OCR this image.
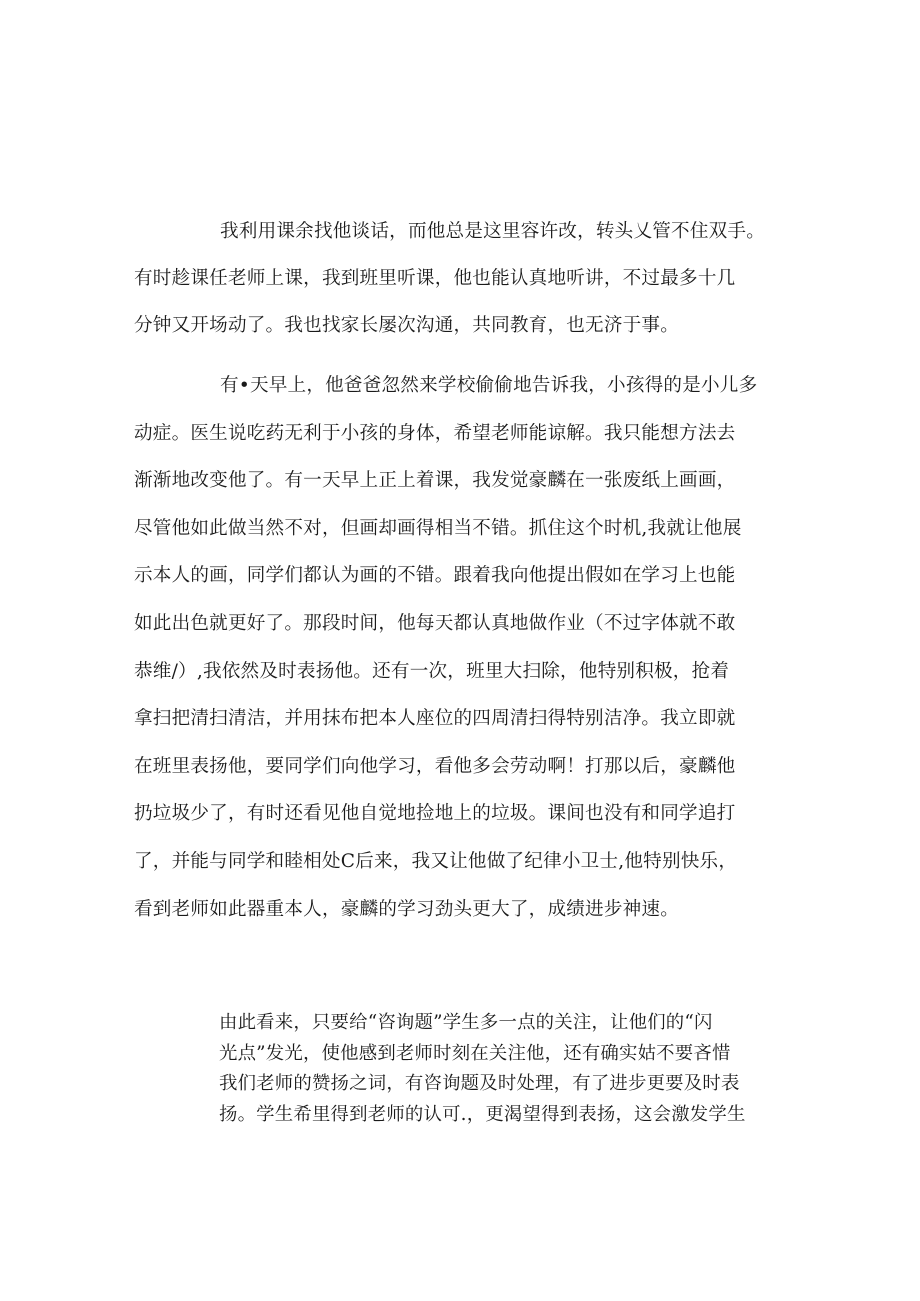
我利用课余找他谈话，而他总是这里容许改，转头乂管不住双手。
有时趁课任老师上课，我到班里听课，他也能认真地听讲，不过最多十几
分钟又开场动了。我也找家长屡次沟通，共同教育，也无济于事。
有•天早上，他爸爸忽然来学校偷偷地告诉我，小孩得的是小儿多
动症。医生说吃药无利于小孩的身体，希望老师能谅解。我只能想方法去
渐渐地改变他了。有一天早上正上着课，我发觉豪麟在一张废纸上画画，
尽管他如此做当然不对，但画却画得相当不错。抓住这个时机,我就让他展
示本人的画，同学们都认为画的不错。跟着我向他提出假如在学习上也能
如此出色就更好了。那段时间，他每天都认真地做作业（不过字体就不敢
恭维/）,我依然及时表扬他。还有一次，班里大扫除，他特别积极，抢着
拿扫把清扫清洁，并用抹布把本人座位的四周清扫得特别洁净。我立即就
在班里表扬他，要同学们向他学习，看他多会劳动啊！打那以后，豪麟他
扔垃圾少了，有时还看见他自觉地捡地上的垃圾。课间也没有和同学追打
了，并能与同学和睦相处C后来，我又让他做了纪律小卫士,他特别快乐，
看到老师如此器重本人，豪麟的学习劲头更大了，成绩进步神速。
由此看来，只要给“咨询题”学生多一点的关注，让他们的“闪
光点”发光，使他感到老师时刻在关注他，还有确实姑不要吝惜
我们老师的赞扬之词，有咨询题及时处理，有了进步更要及时表
扬。学生希里得到老师的认可.，更渴望得到表扬，这会激发学生
